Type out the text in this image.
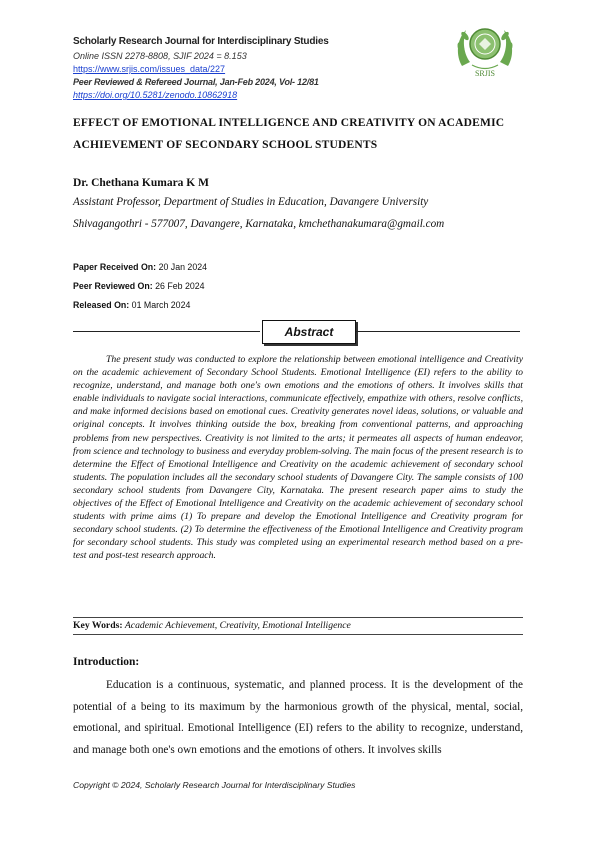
Scholarly Research Journal for Interdisciplinary Studies
Online ISSN 2278-8808, SJIF 2024 = 8.153
https://www.srjis.com/issues_data/227
Peer Reviewed & Refereed Journal, Jan-Feb 2024, Vol- 12/81
https://doi.org/10.5281/zenodo.10862918
SRJIS
EFFECT OF EMOTIONAL INTELLIGENCE AND CREATIVITY ON ACADEMIC ACHIEVEMENT OF SECONDARY SCHOOL STUDENTS
Dr. Chethana Kumara K M
Assistant Professor, Department of Studies in Education, Davangere University
Shivagangothri - 577007, Davangere, Karnataka, kmchethanakumara@gmail.com
Paper Received On: 20 Jan 2024
Peer Reviewed On: 26 Feb 2024
Released On: 01 March 2024
Abstract

The present study was conducted to explore the relationship between emotional intelligence and Creativity on the academic achievement of Secondary School Students. Emotional Intelligence (EI) refers to the ability to recognize, understand, and manage both one's own emotions and the emotions of others. It involves skills that enable individuals to navigate social interactions, communicate effectively, empathize with others, resolve conflicts, and make informed decisions based on emotional cues. Creativity generates novel ideas, solutions, or valuable and original concepts. It involves thinking outside the box, breaking from conventional patterns, and approaching problems from new perspectives. Creativity is not limited to the arts; it permeates all aspects of human endeavor, from science and technology to business and everyday problem-solving. The main focus of the present research is to determine the Effect of Emotional Intelligence and Creativity on the academic achievement of secondary school students. The population includes all the secondary school students of Davangere City. The sample consists of 100 secondary school students from Davangere City, Karnataka. The present research paper aims to study the objectives of the Effect of Emotional Intelligence and Creativity on the academic achievement of secondary school students with prime aims (1) To prepare and develop the Emotional Intelligence and Creativity program for secondary school students. (2) To determine the effectiveness of the Emotional Intelligence and Creativity program for secondary school students. This study was completed using an experimental research method based on a pre-test and post-test research approach.

Key Words: Academic Achievement, Creativity, Emotional Intelligence
Introduction:

Education is a continuous, systematic, and planned process. It is the development of the potential of a being to its maximum by the harmonious growth of the physical, mental, social, emotional, and spiritual. Emotional Intelligence (EI) refers to the ability to recognize, understand, and manage both one's own emotions and the emotions of others. It involves skills

Copyright © 2024, Scholarly Research Journal for Interdisciplinary Studies
